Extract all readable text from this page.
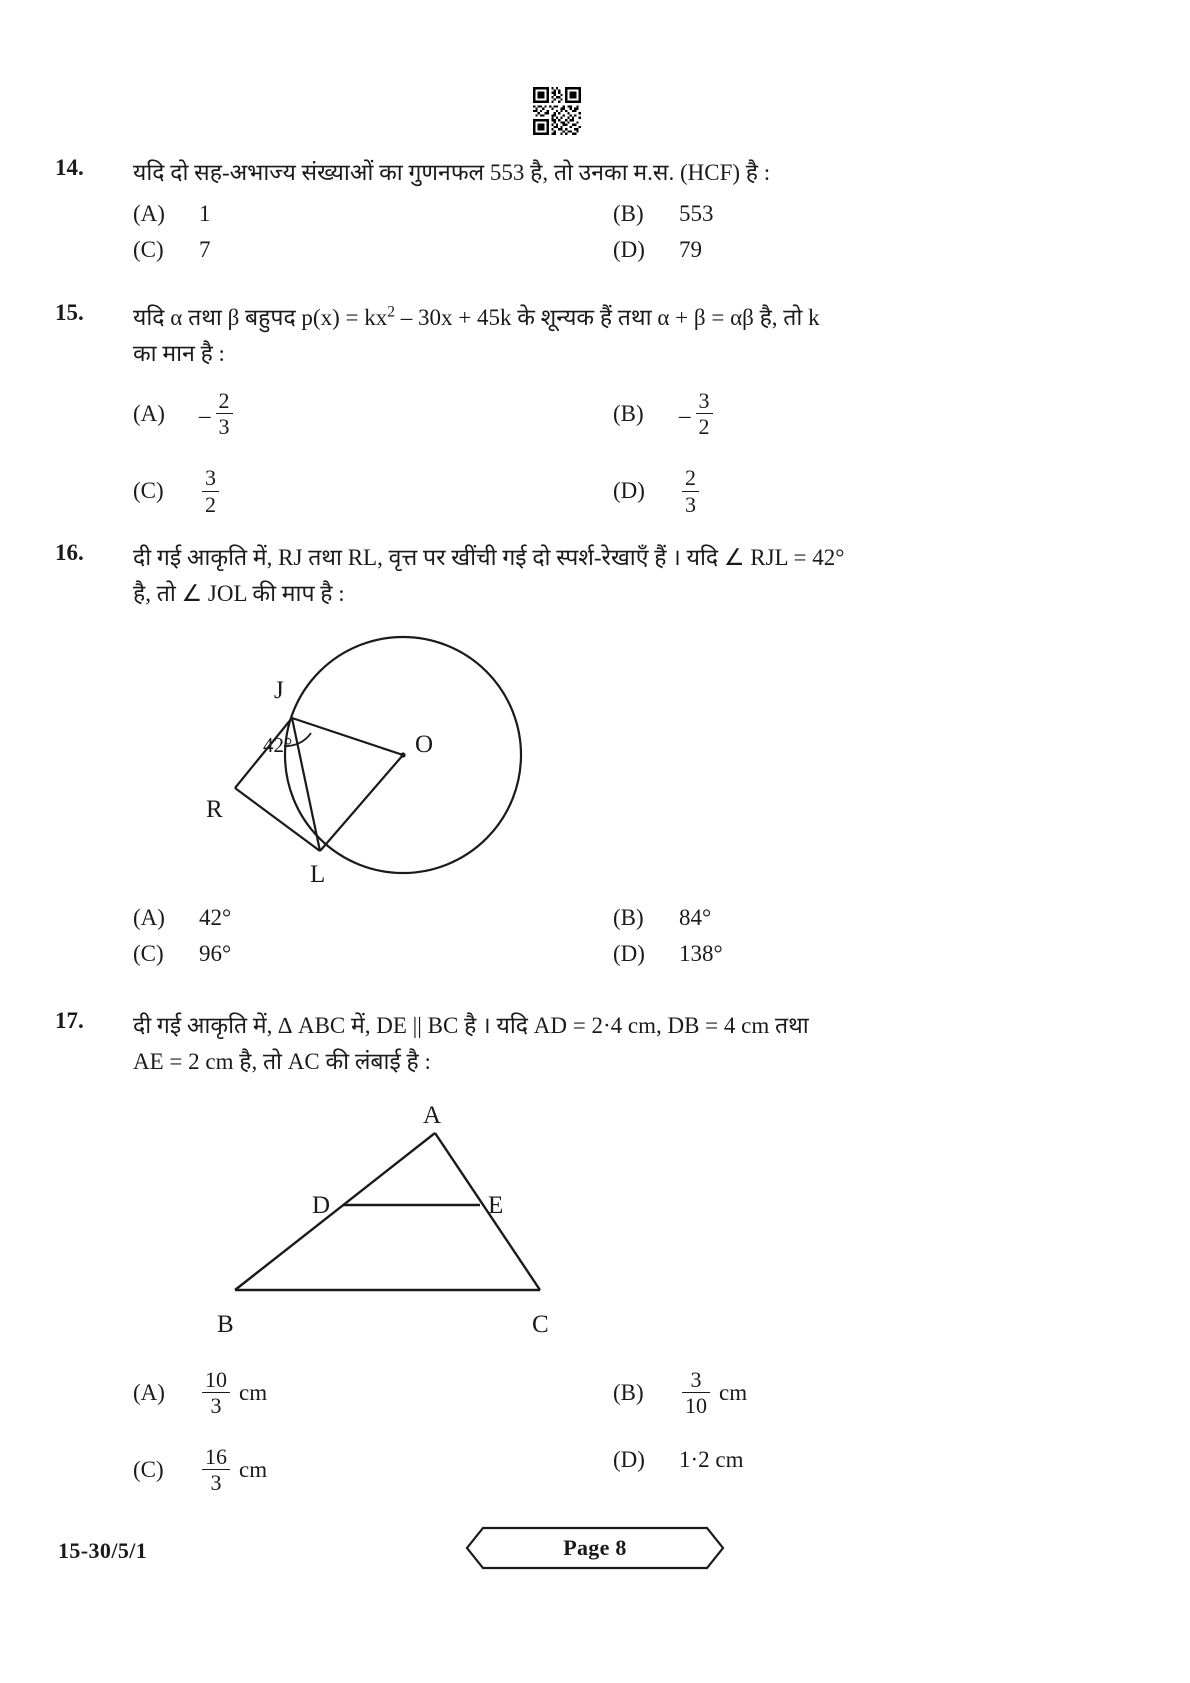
14.	यदि दो सह-अभाज्य संख्याओं का गुणनफल 553 है, तो उनका म.स. (HCF) है :
(A)	1	(B)	553
(C)	7	(D)	79
15.	यदि α तथा β बहुपद $p(x) = kx^2 - 30x + 45k$ के शून्यक हैं तथा α + β = αβ है, तो k
का मान है :
(A)	– $\frac{2}{3}$	(B)	– $\frac{3}{2}$
(C)	$\frac{3}{2}$	(D)	$\frac{2}{3}$
16.	दी गई आकृति में, RJ तथा RL, वृत्त पर खींची गई दो स्पर्श-रेखाएँ हैं । यदि ∠ RJL = 42°
है, तो ∠ JOL की माप है :
J
O
R
L
42°
(A)	42°	(B)	84°
(C)	96°	(D)	138°
17.	दी गई आकृति में, ∆ ABC में, DE || BC है । यदि AD = 2·4 cm, DB = 4 cm तथा
AE = 2 cm है, तो AC की लंबाई है :
A
D	E
B	C
(A)	$\frac{10}{3}$ cm	(B)	$\frac{3}{10}$ cm
(C)	$\frac{16}{3}$ cm	(D)	1·2 cm
15-30/5/1	Page 8
